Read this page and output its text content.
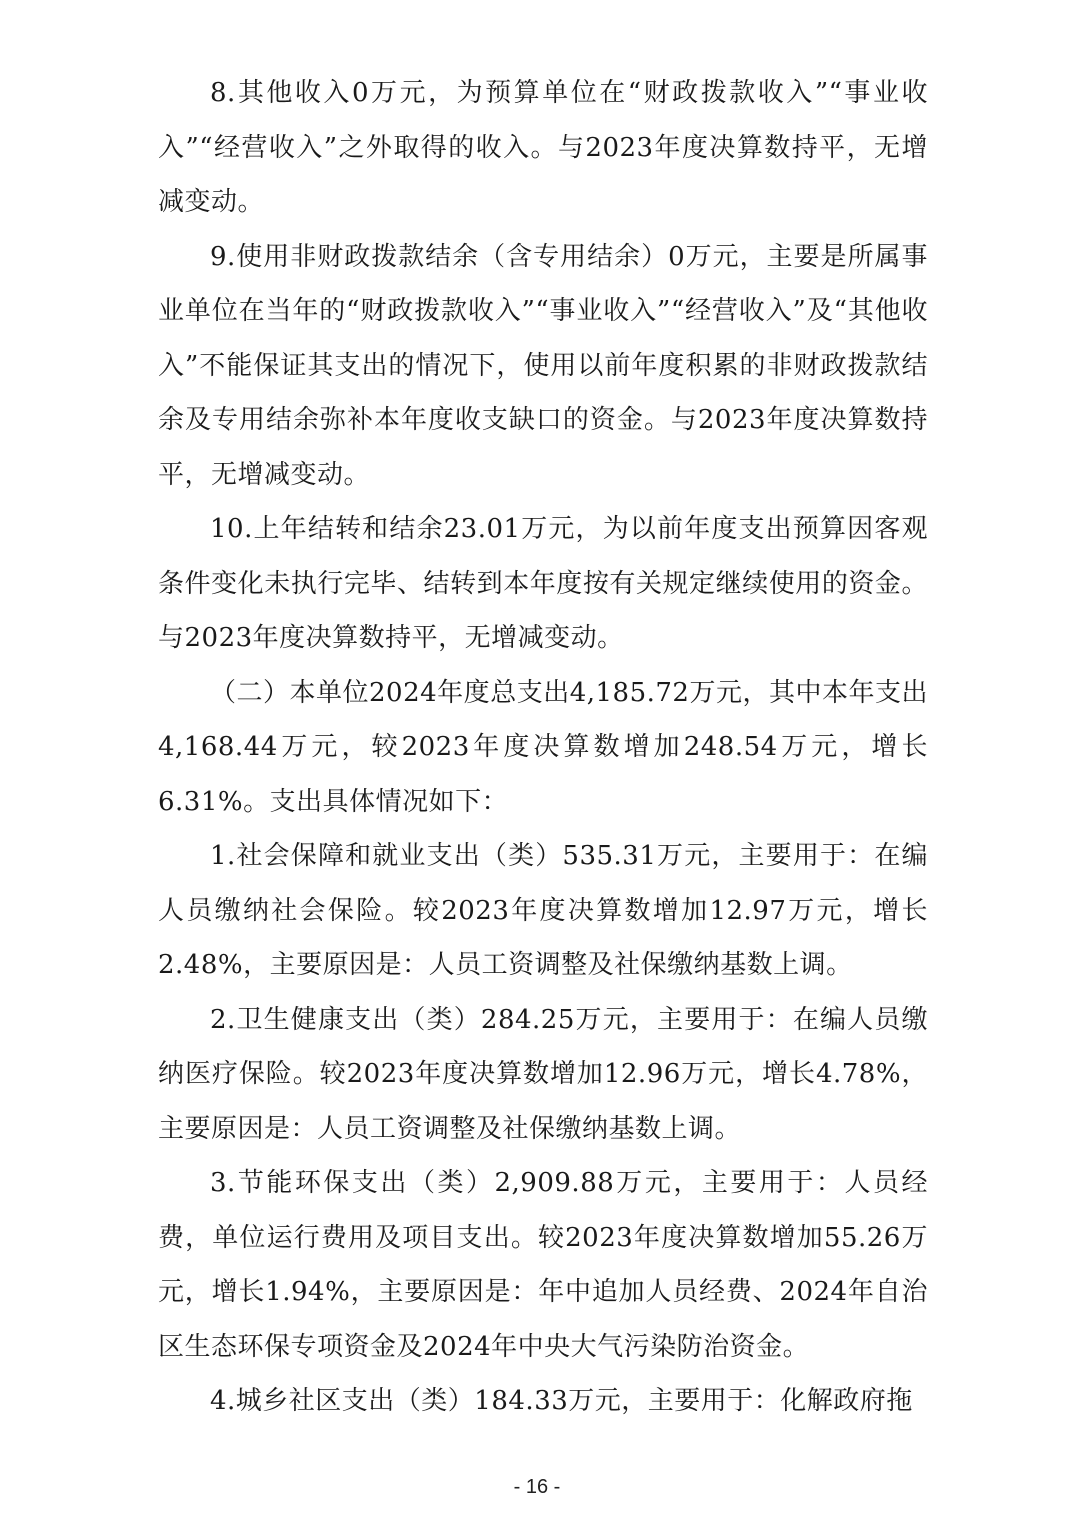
8.其他收入0万元，为预算单位在“财政拨款收入”“事业收入”“经营收入”之外取得的收入。与2023年度决算数持平，无增减变动。

9.使用非财政拨款结余（含专用结余）0万元，主要是所属事业单位在当年的“财政拨款收入”“事业收入”“经营收入”及“其他收入”不能保证其支出的情况下，使用以前年度积累的非财政拨款结余及专用结余弥补本年度收支缺口的资金。与2023年度决算数持平，无增减变动。

10.上年结转和结余23.01万元，为以前年度支出预算因客观条件变化未执行完毕、结转到本年度按有关规定继续使用的资金。与2023年度决算数持平，无增减变动。

（二）本单位2024年度总支出4,185.72万元，其中本年支出4,168.44万元，较2023年度决算数增加248.54万元，增长6.31%。支出具体情况如下：

1.社会保障和就业支出（类）535.31万元，主要用于：在编人员缴纳社会保险。较2023年度决算数增加12.97万元，增长2.48%，主要原因是：人员工资调整及社保缴纳基数上调。

2.卫生健康支出（类）284.25万元，主要用于：在编人员缴纳医疗保险。较2023年度决算数增加12.96万元，增长4.78%，主要原因是：人员工资调整及社保缴纳基数上调。

3.节能环保支出（类）2,909.88万元，主要用于：人员经费，单位运行费用及项目支出。较2023年度决算数增加55.26万元，增长1.94%，主要原因是：年中追加人员经费、2024年自治区生态环保专项资金及2024年中央大气污染防治资金。

4.城乡社区支出（类）184.33万元，主要用于：化解政府拖

- 16 -
